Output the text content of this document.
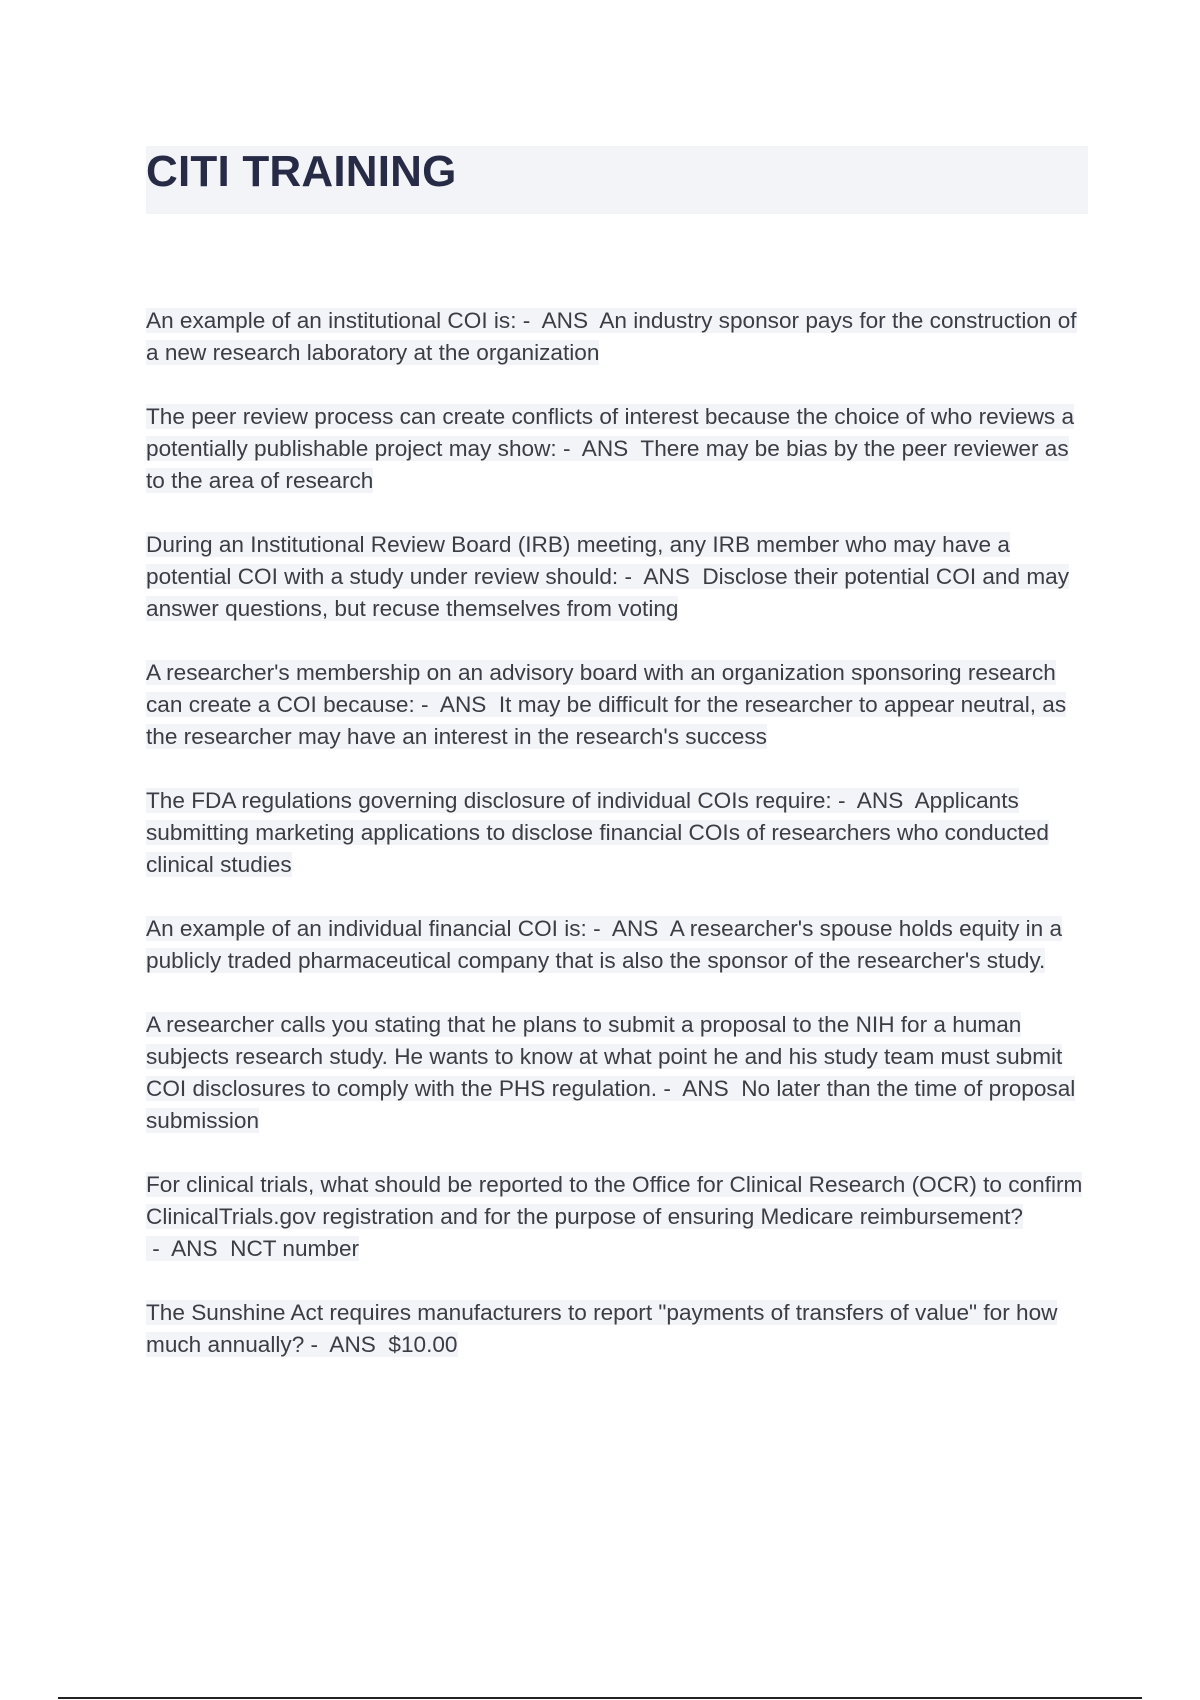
CITI TRAINING

An example of an institutional COI is: -  ANS  An industry sponsor pays for the construction of a new research laboratory at the organization

The peer review process can create conflicts of interest because the choice of who reviews a potentially publishable project may show: -  ANS  There may be bias by the peer reviewer as to the area of research

During an Institutional Review Board (IRB) meeting, any IRB member who may have a potential COI with a study under review should: -  ANS  Disclose their potential COI and may answer questions, but recuse themselves from voting

A researcher's membership on an advisory board with an organization sponsoring research can create a COI because: -  ANS  It may be difficult for the researcher to appear neutral, as the researcher may have an interest in the research's success

The FDA regulations governing disclosure of individual COIs require: -  ANS  Applicants submitting marketing applications to disclose financial COIs of researchers who conducted clinical studies

An example of an individual financial COI is: -  ANS  A researcher's spouse holds equity in a publicly traded pharmaceutical company that is also the sponsor of the researcher's study.

A researcher calls you stating that he plans to submit a proposal to the NIH for a human subjects research study. He wants to know at what point he and his study team must submit COI disclosures to comply with the PHS regulation. -  ANS  No later than the time of proposal submission

For clinical trials, what should be reported to the Office for Clinical Research (OCR) to confirm ClinicalTrials.gov registration and for the purpose of ensuring Medicare reimbursement? -  ANS  NCT number

The Sunshine Act requires manufacturers to report "payments of transfers of value" for how much annually? -  ANS  $10.00
